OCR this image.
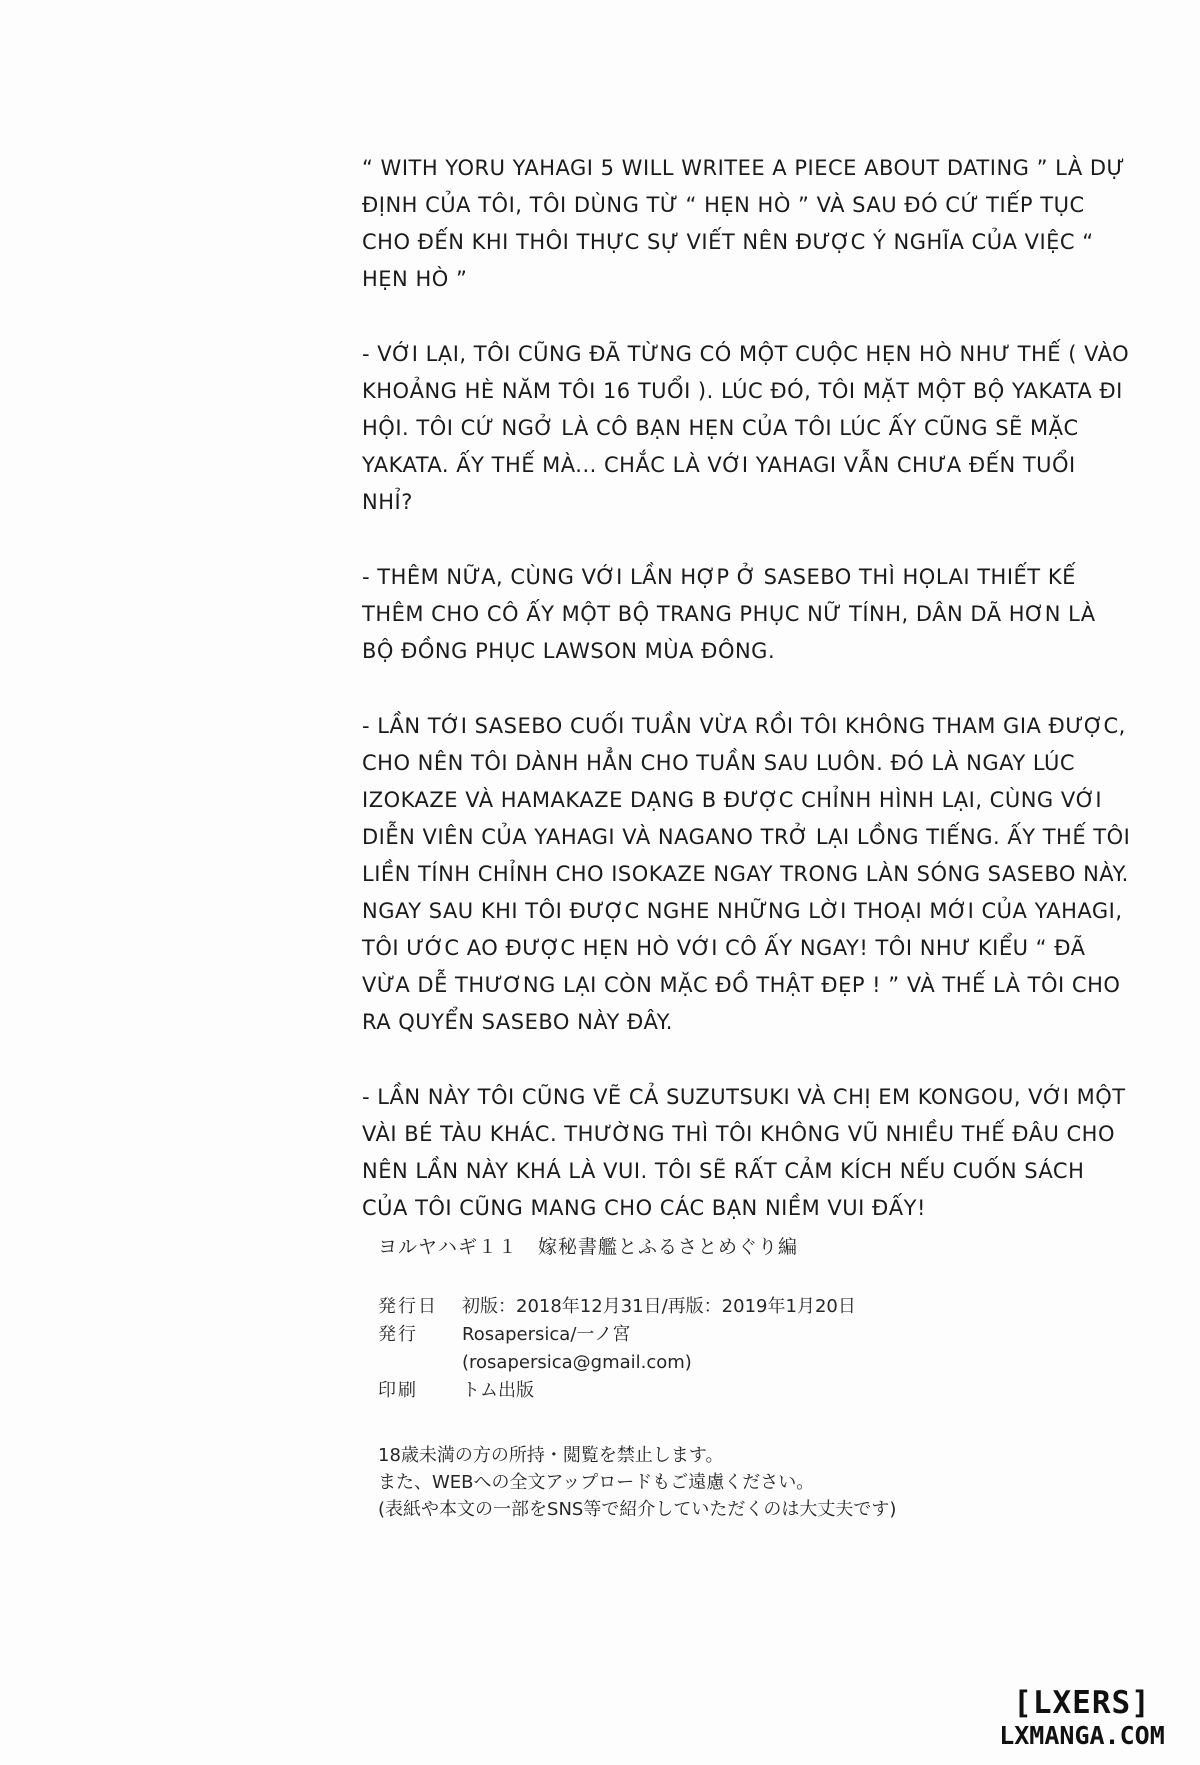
“ WITH YORU YAHAGI 5 WILL WRITEE A PIECE ABOUT DATING ” LÀ DỰ ĐỊNH CỦA TÔI, TÔI DÙNG TỪ “ HẸN HÒ ” VÀ SAU ĐÓ CỨ TIẾP TỤC CHO ĐẾN KHI THÔI THỰC SỰ VIẾT NÊN ĐƯỢC Ý NGHĨA CỦA VIỆC “ HẸN HÒ ”

- VỚI LẠI, TÔI CŨNG ĐÃ TỪNG CÓ MỘT CUỘC HẸN HÒ NHƯ THẾ ( VÀO KHOẢNG HÈ NĂM TÔI 16 TUỔI ). LÚC ĐÓ, TÔI MẶT MỘT BỘ YAKATA ĐI HỘI. TÔI CỨ NGỞ LÀ CÔ BẠN HẸN CỦA TÔI LÚC ẤY CŨNG SẼ MẶC YAKATA. ẤY THẾ MÀ... CHẮC LÀ VỚI YAHAGI VẪN CHƯA ĐẾN TUỔI NHỈ?

- THÊM NỮA, CÙNG VỚI LẦN HỢP Ở SASEBO THÌ HỌLAI THIẾT KẾ THÊM CHO CÔ ẤY MỘT BỘ TRANG PHỤC NỮ TÍNH, DÂN DÃ HƠN LÀ BỘ ĐỒNG PHỤC LAWSON MÙA ĐÔNG.

- LẦN TỚI SASEBO CUỐI TUẦN VỪA RỒI TÔI KHÔNG THAM GIA ĐƯỢC, CHO NÊN TÔI DÀNH HẲN CHO TUẦN SAU LUÔN. ĐÓ LÀ NGAY LÚC IZOKAZE VÀ HAMAKAZE DẠNG B ĐƯỢC CHỈNH HÌNH LẠI, CÙNG VỚI DIỄN VIÊN CỦA YAHAGI VÀ NAGANO TRỞ LẠI LỒNG TIẾNG. ẤY THẾ TÔI LIỀN TÍNH CHỈNH CHO ISOKAZE NGAY TRONG LÀN SÓNG SASEBO NÀY. NGAY SAU KHI TÔI ĐƯỢC NGHE NHỮNG LỜI THOẠI MỚI CỦA YAHAGI, TÔI ƯỚC AO ĐƯỢC HẸN HÒ VỚI CÔ ẤY NGAY! TÔI NHƯ KIỂU “ ĐÃ VỪA DỄ THƯƠNG LẠI CÒN MẶC ĐỒ THẬT ĐẸP ! ” VÀ THẾ LÀ TÔI CHO RA QUYỂN SASEBO NÀY ĐÂY.

- LẦN NÀY TÔI CŨNG VẼ CẢ SUZUTSUKI VÀ CHỊ EM KONGOU, VỚI MỘT VÀI BÉ TÀU KHÁC. THƯỜNG THÌ TÔI KHÔNG VŨ NHIỀU THẾ ĐÂU CHO NÊN LẦN NÀY KHÁ LÀ VUI. TÔI SẼ RẤT CẢM KÍCH NẾU CUỐN SÁCH CỦA TÔI CŨNG MANG CHO CÁC BẠN NIỀM VUI ĐẤY!

ヨルヤハギ１１　嫁秘書艦とふるさとめぐり編
発行日	初版：2018年12月31日/再版：2019年1月20日
発行	Rosapersica/一ノ宮
	(rosapersica@gmail.com)
印刷	トム出版
18歳未満の方の所持・閲覧を禁止します。
また、WEBへの全文アップロードもご遠慮ください。
(表紙や本文の一部をSNS等で紹介していただくのは大丈夫です)
[LXERS]
LXMANGA.COM
